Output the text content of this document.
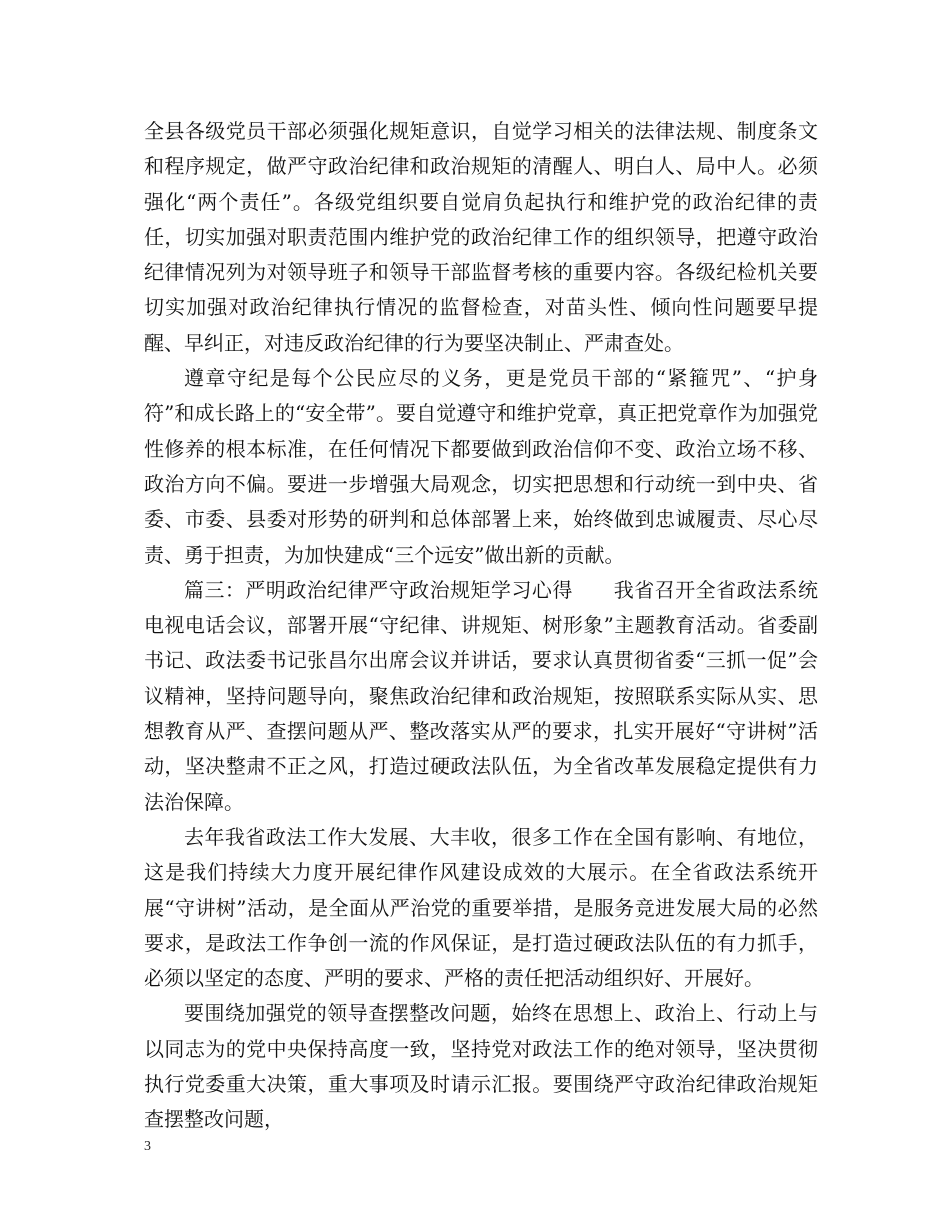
全县各级党员干部必须强化规矩意识，自觉学习相关的法律法规、制度条文和程序规定，做严守政治纪律和政治规矩的清醒人、明白人、局中人。必须强化“两个责任”。各级党组织要自觉肩负起执行和维护党的政治纪律的责任，切实加强对职责范围内维护党的政治纪律工作的组织领导，把遵守政治纪律情况列为对领导班子和领导干部监督考核的重要内容。各级纪检机关要切实加强对政治纪律执行情况的监督检查，对苗头性、倾向性问题要早提醒、早纠正，对违反政治纪律的行为要坚决制止、严肃查处。

遵章守纪是每个公民应尽的义务，更是党员干部的“紧箍咒”、“护身符”和成长路上的“安全带”。要自觉遵守和维护党章，真正把党章作为加强党性修养的根本标准，在任何情况下都要做到政治信仰不变、政治立场不移、政治方向不偏。要进一步增强大局观念，切实把思想和行动统一到中央、省委、市委、县委对形势的研判和总体部署上来，始终做到忠诚履责、尽心尽责、勇于担责，为加快建成“三个远安”做出新的贡献。

篇三：严明政治纪律严守政治规矩学习心得　　我省召开全省政法系统电视电话会议，部署开展“守纪律、讲规矩、树形象”主题教育活动。省委副书记、政法委书记张昌尔出席会议并讲话，要求认真贯彻省委“三抓一促”会议精神，坚持问题导向，聚焦政治纪律和政治规矩，按照联系实际从实、思想教育从严、查摆问题从严、整改落实从严的要求，扎实开展好“守讲树”活动，坚决整肃不正之风，打造过硬政法队伍，为全省改革发展稳定提供有力法治保障。

去年我省政法工作大发展、大丰收，很多工作在全国有影响、有地位，这是我们持续大力度开展纪律作风建设成效的大展示。在全省政法系统开展“守讲树”活动，是全面从严治党的重要举措，是服务竞进发展大局的必然要求，是政法工作争创一流的作风保证，是打造过硬政法队伍的有力抓手，必须以坚定的态度、严明的要求、严格的责任把活动组织好、开展好。

要围绕加强党的领导查摆整改问题，始终在思想上、政治上、行动上与以同志为的党中央保持高度一致，坚持党对政法工作的绝对领导，坚决贯彻执行党委重大决策，重大事项及时请示汇报。要围绕严守政治纪律政治规矩查摆整改问题，

3
